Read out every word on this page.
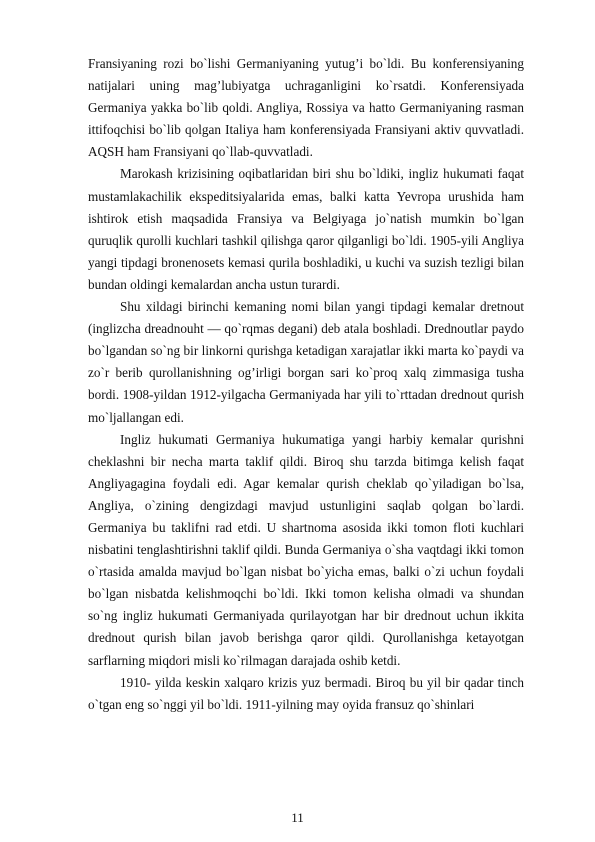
Fransiyaning rozi bo`lishi Germaniyaning yutug’i bo`ldi. Bu konferensiyaning natijalari uning mag’lubiyatga uchraganligini ko`rsatdi. Konferensiyada Germaniya yakka bo`lib qoldi. Angliya, Rossiya va hatto Germaniyaning rasman ittifoqchisi bo`lib qolgan Italiya ham konferensiyada Fransiyani aktiv quvvatladi. AQSH ham Fransiyani qo`llab-quvvatladi.

Marokash krizisining oqibatlaridan biri shu bo`ldiki, ingliz hukumati faqat mustamlakachilik ekspeditsiyalarida emas, balki katta Yevropa urushida ham ishtirok etish maqsadida Fransiya va Belgiyaga jo`natish mumkin bo`lgan quruqlik qurolli kuchlari tashkil qilishga qaror qilganligi bo`ldi. 1905-yili Angliya yangi tipdagi bronenosets kemasi qurila boshladiki, u kuchi va suzish tezligi bilan bundan oldingi kemalardan ancha ustun turardi.

Shu xildagi birinchi kemaning nomi bilan yangi tipdagi kemalar dretnout (inglizcha dreadnouht — qo`rqmas degani) deb atala boshladi. Drednoutlar paydo bo`lgandan so`ng bir linkorni qurishga ketadigan xarajatlar ikki marta ko`paydi va zo`r berib qurollanishning og’irligi borgan sari ko`proq xalq zimmasiga tusha bordi. 1908-yildan 1912-yilgacha Germaniyada har yili to`rttadan drednout qurish mo`ljallangan edi.

Ingliz hukumati Germaniya hukumatiga yangi harbiy kemalar qurishni cheklashni bir necha marta taklif qildi. Biroq shu tarzda bitimga kelish faqat Angliyagagina foydali edi. Agar kemalar qurish cheklab qo`yiladigan bo`lsa, Angliya, o`zining dengizdagi mavjud ustunligini saqlab qolgan bo`lardi. Germaniya bu taklifni rad etdi. U shartnoma asosida ikki tomon floti kuchlari nisbatini tenglashtirishni taklif qildi. Bunda Germaniya o`sha vaqtdagi ikki tomon o`rtasida amalda mavjud bo`lgan nisbat bo`yicha emas, balki o`zi uchun foydali bo`lgan nisbatda kelishmoqchi bo`ldi. Ikki tomon kelisha olmadi va shundan so`ng ingliz hukumati Germaniyada qurilayotgan har bir drednout uchun ikkita drednout qurish bilan javob berishga qaror qildi. Qurollanishga ketayotgan sarflarning miqdori misli ko`rilmagan darajada oshib ketdi.

1910- yilda keskin xalqaro krizis yuz bermadi. Biroq bu yil bir qadar tinch o`tgan eng so`nggi yil bo`ldi. 1911-yilning may oyida fransuz qo`shinlari

11
